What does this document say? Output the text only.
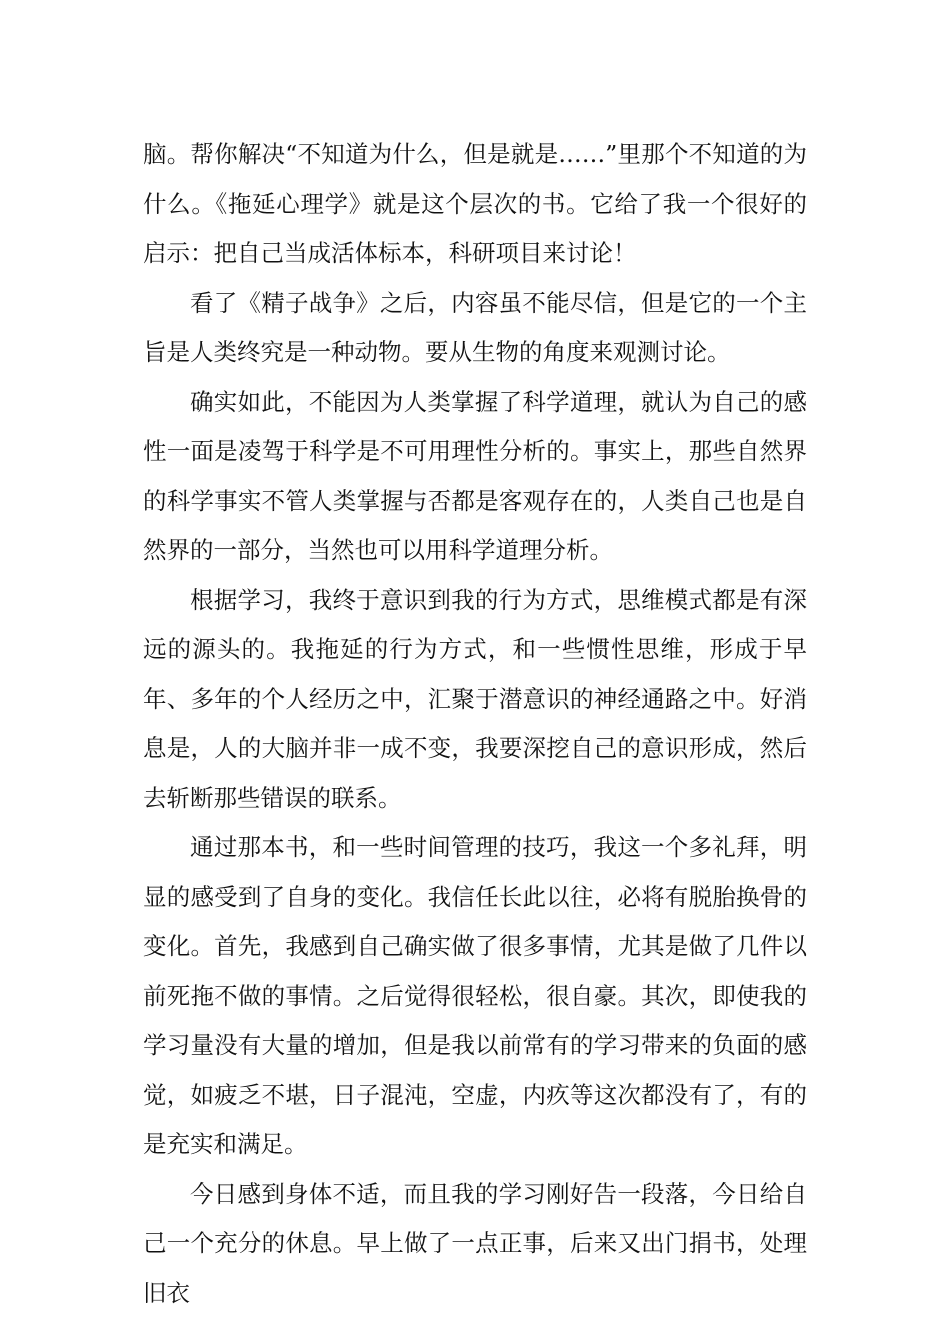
脑。帮你解决“不知道为什么，但是就是……”里那个不知道的为什么。《拖延心理学》就是这个层次的书。它给了我一个很好的启示：把自己当成活体标本，科研项目来讨论！

看了《精子战争》之后，内容虽不能尽信，但是它的一个主旨是人类终究是一种动物。要从生物的角度来观测讨论。

确实如此，不能因为人类掌握了科学道理，就认为自己的感性一面是凌驾于科学是不可用理性分析的。事实上，那些自然界的科学事实不管人类掌握与否都是客观存在的，人类自己也是自然界的一部分，当然也可以用科学道理分析。

根据学习，我终于意识到我的行为方式，思维模式都是有深远的源头的。我拖延的行为方式，和一些惯性思维，形成于早年、多年的个人经历之中，汇聚于潜意识的神经通路之中。好消息是，人的大脑并非一成不变，我要深挖自己的意识形成，然后去斩断那些错误的联系。

通过那本书，和一些时间管理的技巧，我这一个多礼拜，明显的感受到了自身的变化。我信任长此以往，必将有脱胎换骨的变化。首先，我感到自己确实做了很多事情，尤其是做了几件以前死拖不做的事情。之后觉得很轻松，很自豪。其次，即使我的学习量没有大量的增加，但是我以前常有的学习带来的负面的感觉，如疲乏不堪，日子混沌，空虚，内疚等这次都没有了，有的是充实和满足。

今日感到身体不适，而且我的学习刚好告一段落，今日给自己一个充分的休息。早上做了一点正事，后来又出门捐书，处理旧衣
